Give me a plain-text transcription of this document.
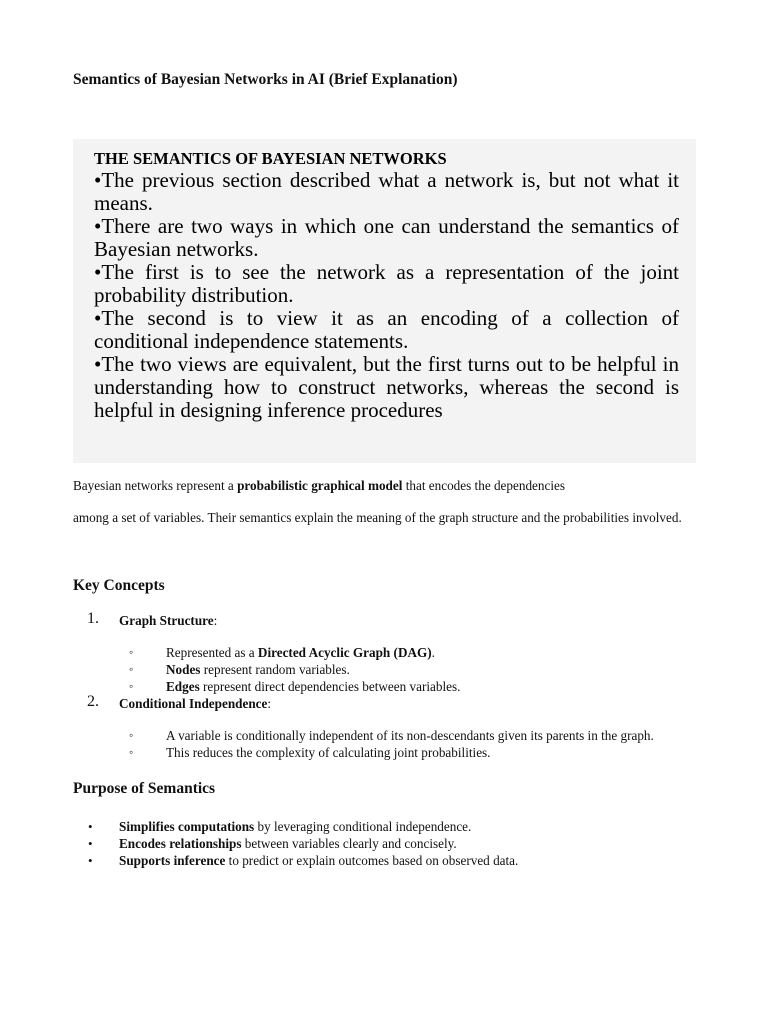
Semantics of Bayesian Networks in AI (Brief Explanation)

THE SEMANTICS OF BAYESIAN NETWORKS

•The previous section described what a network is, but not what it means.
•There are two ways in which one can understand the semantics of Bayesian networks.
•The first is to see the network as a representation of the joint probability distribution.
•The second is to view it as an encoding of a collection of conditional independence statements.
•The two views are equivalent, but the first turns out to be helpful in understanding how to construct networks, whereas the second is helpful in designing inference procedures

Bayesian networks represent a probabilistic graphical model that encodes the dependencies

among a set of variables. Their semantics explain the meaning of the graph structure and the probabilities involved.

Key Concepts
1. Graph Structure:
◦ Represented as a Directed Acyclic Graph (DAG).
◦ Nodes represent random variables.
◦ Edges represent direct dependencies between variables.
2. Conditional Independence:
◦ A variable is conditionally independent of its non-descendants given its parents in the graph.
◦ This reduces the complexity of calculating joint probabilities.
Purpose of Semantics
• Simplifies computations by leveraging conditional independence.
• Encodes relationships between variables clearly and concisely.
• Supports inference to predict or explain outcomes based on observed data.
